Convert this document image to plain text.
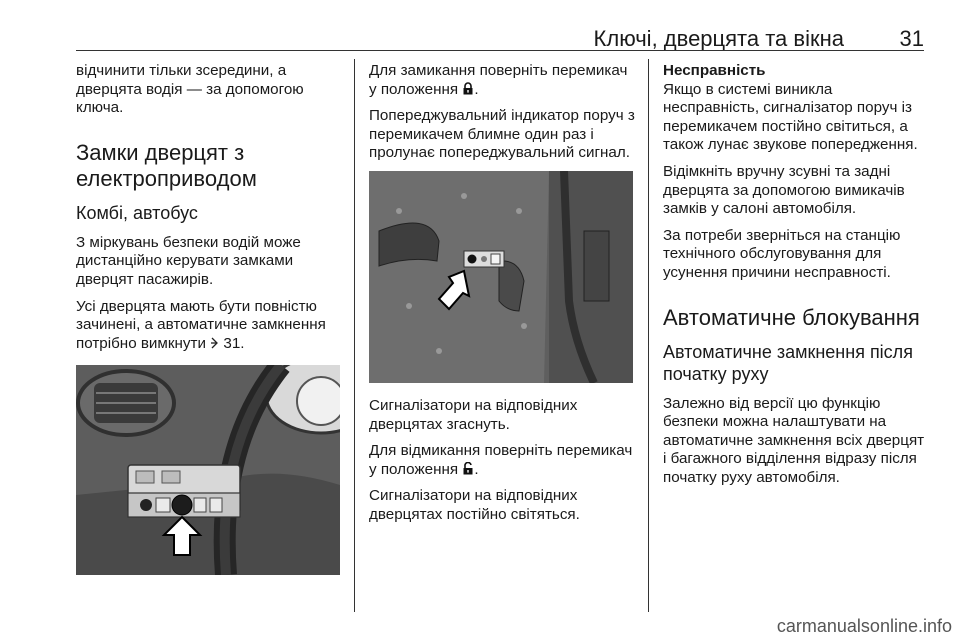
Ключі, дверцята та вікна	31

відчинити тільки зсередини, а дверцята водія — за допомогою ключа.

Замки дверцят з електроприводом
Комбі, автобус

З міркувань безпеки водій може дистанційно керувати замками дверцят пасажирів.

Усі дверцята мають бути повністю зачинені, а автоматичне замкнення потрібно вимкнути 31.

Для замикання поверніть перемикач у положення .

Попереджувальний індикатор поруч з перемикачем блимне один раз і пролунає попереджувальний сигнал.

Сигналізатори на відповідних дверцятах згаснуть.

Для відмикання поверніть перемикач у положення .

Сигналізатори на відповідних дверцятах постійно світяться.

Несправність

Якщо в системі виникла несправність, сигналізатор поруч із перемикачем постійно світиться, а також лунає звукове попередження.

Відімкніть вручну зсувні та задні дверцята за допомогою вимикачів замків у салоні автомобіля.

За потреби зверніться на станцію технічного обслуговування для усунення причини несправності.

Автоматичне блокування
Автоматичне замкнення після початку руху

Залежно від версії цю функцію безпеки можна налаштувати на автоматичне замкнення всіх дверцят і багажного відділення відразу після початку руху автомобіля.

carmanualsonline.info
